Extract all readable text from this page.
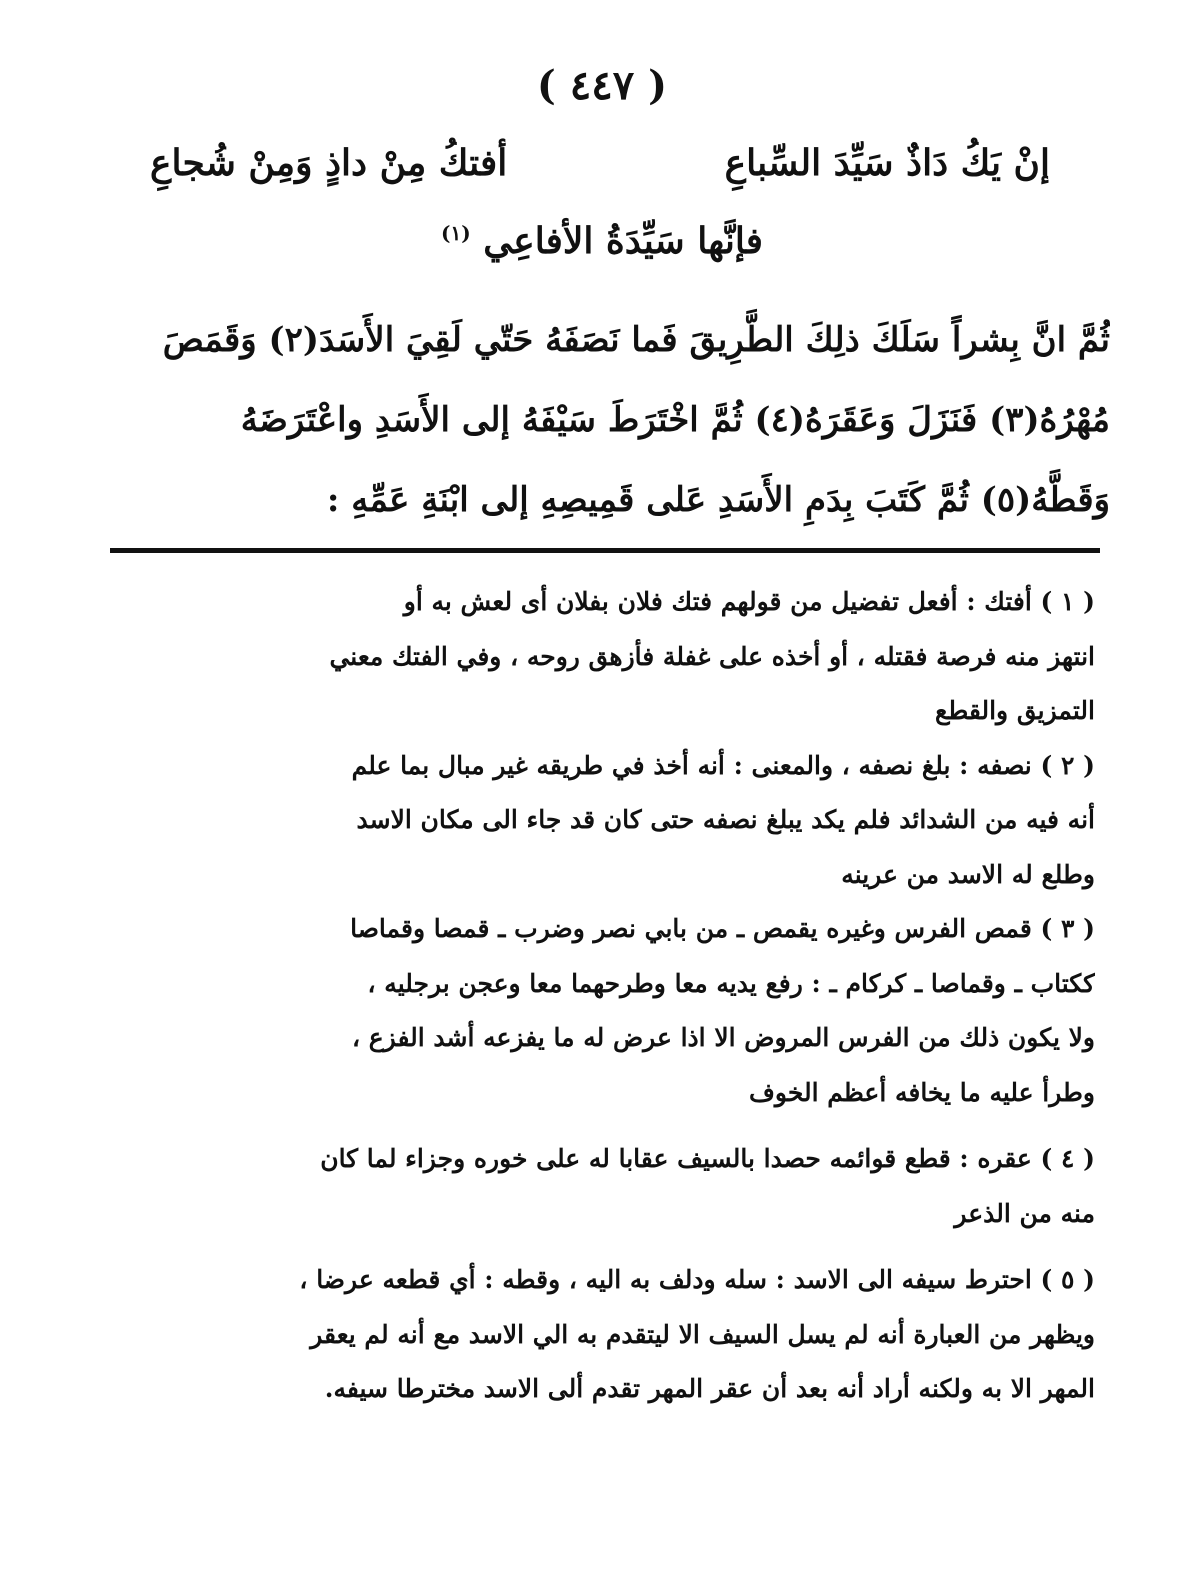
( ٤٤٧ )
إنْ يَكُ دَاذٌ سَيِّدَ السِّباعِ
أفتكُ مِنْ داذٍ وَمِنْ شُجاعِ
فإنَّها سَيِّدَةُ الأفاعِي $^{(١)}$
ثُمَّ انَّ بِشراً سَلَكَ ذلِكَ الطَّرِيقَ فَما نَصَفَهُ حَتّي لَقِيَ الأَسَدَ(٢) وَقَمَصَ
مُهْرُهُ(٣) فَنَزَلَ وَعَقَرَهُ(٤) ثُمَّ اخْتَرَطَ سَيْفَهُ إلى الأَسَدِ واعْتَرَضَهُ
وَقَطَّهُ(٥) ثُمَّ كَتَبَ بِدَمِ الأَسَدِ عَلى قَمِيصِهِ إلى ابْنَةِ عَمِّهِ :
( ١ ) أفتك : أفعل تفضيل من قولهم فتك فلان بفلان أى لعش به أو
انتهز منه فرصة فقتله ، أو أخذه على غفلة فأزهق روحه ، وفي الفتك معني
التمزيق والقطع
( ٢ ) نصفه : بلغ نصفه ، والمعنى : أنه أخذ في طريقه غير مبال بما علم
أنه فيه من الشدائد فلم يكد يبلغ نصفه حتى كان قد جاء الى مكان الاسد
وطلع له الاسد من عرينه
( ٣ ) قمص الفرس وغيره يقمص ـ من بابي نصر وضرب ـ قمصا وقماصا
ككتاب ـ وقماصا ـ كركام ـ : رفع يديه معا وطرحهما معا وعجن برجليه ،
ولا يكون ذلك من الفرس المروض الا اذا عرض له ما يفزعه أشد الفزع ،
وطرأ عليه ما يخافه أعظم الخوف
( ٤ ) عقره : قطع قوائمه حصدا بالسيف عقابا له على خوره وجزاء لما كان
منه من الذعر
( ٥ ) احترط سيفه الى الاسد : سله ودلف به اليه ، وقطه : أي قطعه عرضا ،
ويظهر من العبارة أنه لم يسل السيف الا ليتقدم به الي الاسد مع أنه لم يعقر
المهر الا به ولكنه أراد أنه بعد أن عقر المهر تقدم ألى الاسد مخترطا سيفه.
